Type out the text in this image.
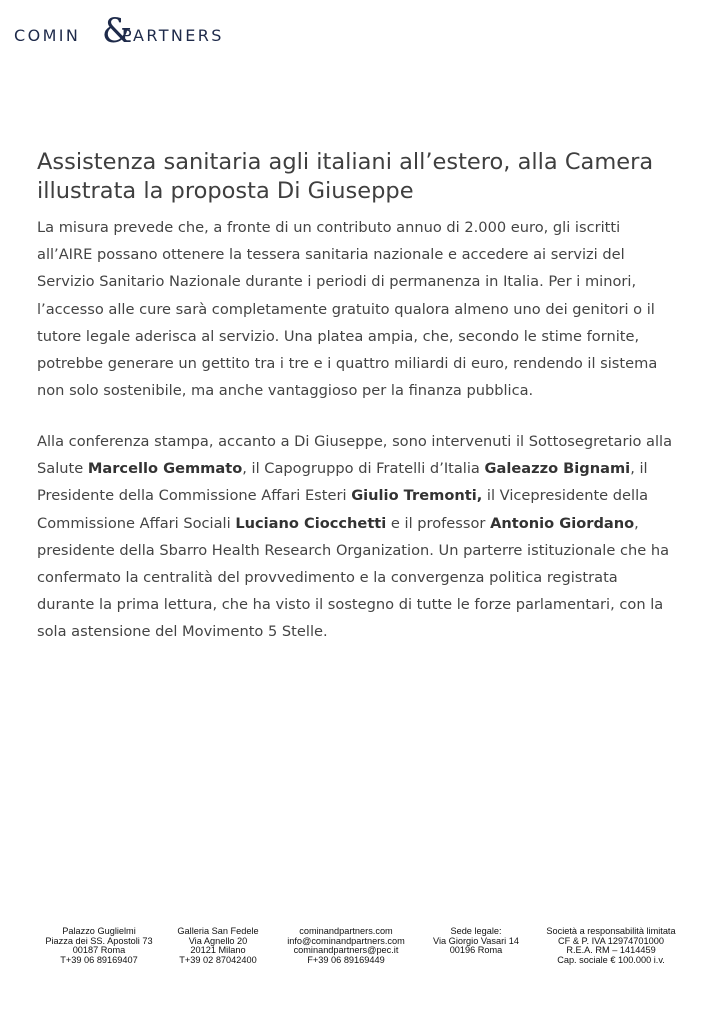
COMIN &
PARTNERS
Assistenza sanitaria agli italiani all’estero, alla Camera illustrata la proposta Di Giuseppe

La misura prevede che, a fronte di un contributo annuo di 2.000 euro, gli iscritti all’AIRE possano ottenere la tessera sanitaria nazionale e accedere ai servizi del Servizio Sanitario Nazionale durante i periodi di permanenza in Italia. Per i minori, l’accesso alle cure sarà completamente gratuito qualora almeno uno dei genitori o il tutore legale aderisca al servizio. Una platea ampia, che, secondo le stime fornite, potrebbe generare un gettito tra i tre e i quattro miliardi di euro, rendendo il sistema non solo sostenibile, ma anche vantaggioso per la finanza pubblica.

Alla conferenza stampa, accanto a Di Giuseppe, sono intervenuti il Sottosegretario alla Salute Marcello Gemmato, il Capogruppo di Fratelli d’Italia Galeazzo Bignami, il Presidente della Commissione Affari Esteri Giulio Tremonti, il Vicepresidente della Commissione Affari Sociali Luciano Ciocchetti e il professor Antonio Giordano, presidente della Sbarro Health Research Organization. Un parterre istituzionale che ha confermato la centralità del provvedimento e la convergenza politica registrata durante la prima lettura, che ha visto il sostegno di tutte le forze parlamentari, con la sola astensione del Movimento 5 Stelle.

Palazzo Guglielmi
Piazza dei SS. Apostoli 73
00187 Roma
T+39 06 89169407
Galleria San Fedele
Via Agnello 20
20121 Milano
T+39 02 87042400
cominandpartners.com
info@cominandpartners.com
cominandpartners@pec.it
F+39 06 89169449
Sede legale:
Via Giorgio Vasari 14
00196 Roma
Società a responsabilità limitata
CF & P. IVA 12974701000
R.E.A. RM – 1414459
Cap. sociale € 100.000 i.v.
